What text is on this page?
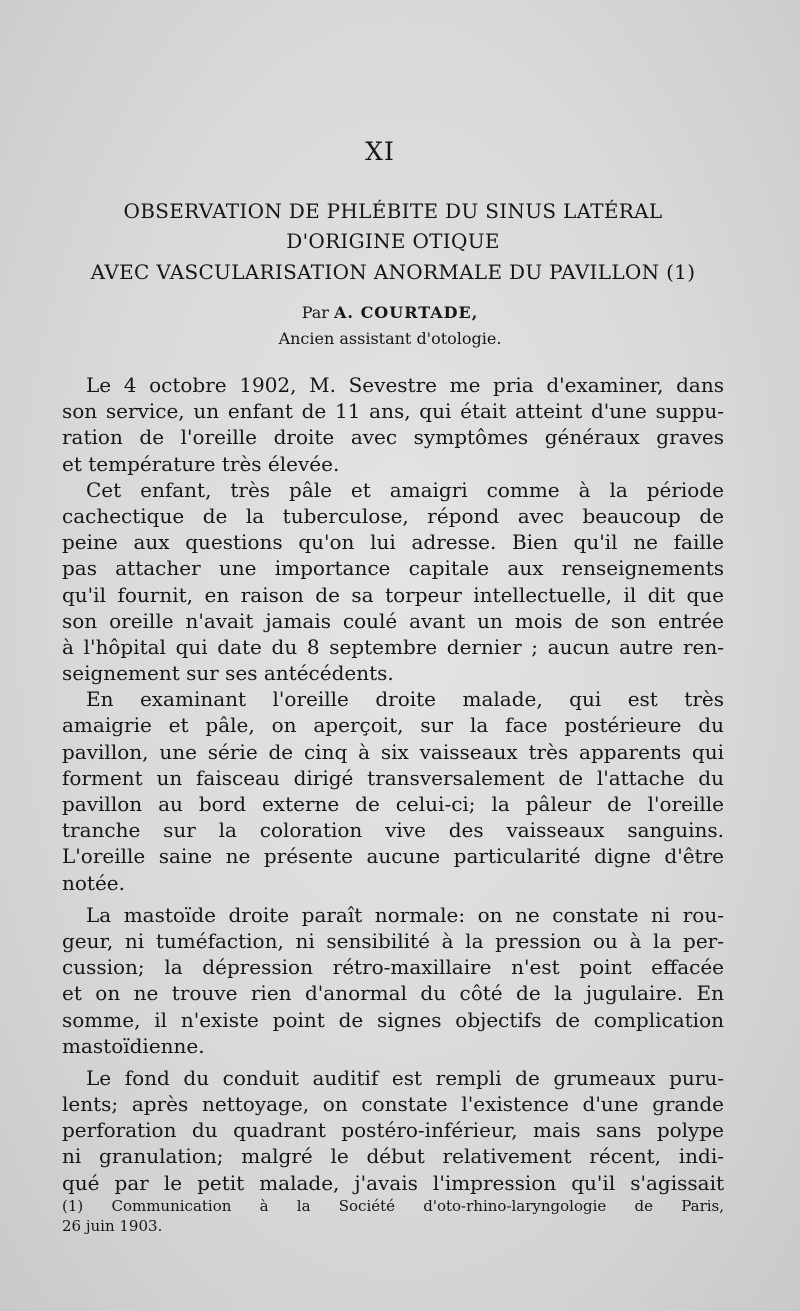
XI
OBSERVATION DE PHLÉBITE DU SINUS LATÉRAL
D'ORIGINE OTIQUE
AVEC VASCULARISATION ANORMALE DU PAVILLON (1)
Par A. COURTADE,
Ancien assistant d'otologie.
Le 4 octobre 1902, M. Sevestre me pria d'examiner, dans
son service, un enfant de 11 ans, qui était atteint d'une suppu-
ration de l'oreille droite avec symptômes généraux graves
et température très élevée.
Cet enfant, très pâle et amaigri comme à la période
cachectique de la tuberculose, répond avec beaucoup de
peine aux questions qu'on lui adresse. Bien qu'il ne faille
pas attacher une importance capitale aux renseignements
qu'il fournit, en raison de sa torpeur intellectuelle, il dit que
son oreille n'avait jamais coulé avant un mois de son entrée
à l'hôpital qui date du 8 septembre dernier ; aucun autre ren-
seignement sur ses antécédents.
En examinant l'oreille droite malade, qui est très
amaigrie et pâle, on aperçoit, sur la face postérieure du
pavillon, une série de cinq à six vaisseaux très apparents qui
forment un faisceau dirigé transversalement de l'attache du
pavillon au bord externe de celui-ci; la pâleur de l'oreille
tranche sur la coloration vive des vaisseaux sanguins.
L'oreille saine ne présente aucune particularité digne d'être
notée.
La mastoïde droite paraît normale: on ne constate ni rou-
geur, ni tuméfaction, ni sensibilité à la pression ou à la per-
cussion; la dépression rétro-maxillaire n'est point effacée
et on ne trouve rien d'anormal du côté de la jugulaire. En
somme, il n'existe point de signes objectifs de complication
mastoïdienne.
Le fond du conduit auditif est rempli de grumeaux puru-
lents; après nettoyage, on constate l'existence d'une grande
perforation du quadrant postéro-inférieur, mais sans polype
ni granulation; malgré le début relativement récent, indi-
qué par le petit malade, j'avais l'impression qu'il s'agissait
(1) Communication à la Société d'oto-rhino-laryngologie de Paris,
26 juin 1903.
